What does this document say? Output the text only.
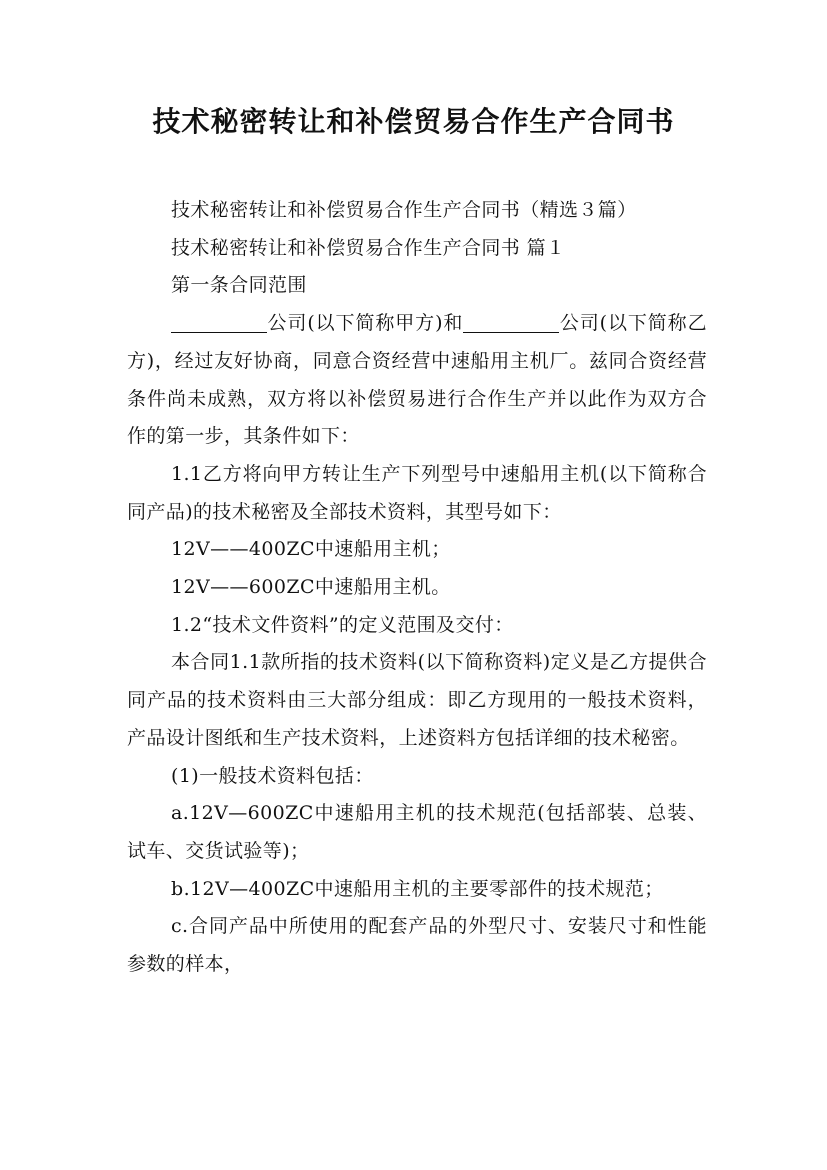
技术秘密转让和补偿贸易合作生产合同书

技术秘密转让和补偿贸易合作生产合同书（精选３篇）

技术秘密转让和补偿贸易合作生产合同书 篇１

第一条合同范围

公司(以下简称甲方)和	公司(以下简称乙方)，经过友好协商，同意合资经营中速船用主机厂。兹同合资经营条件尚未成熟，双方将以补偿贸易进行合作生产并以此作为双方合作的第一步，其条件如下：

1.1乙方将向甲方转让生产下列型号中速船用主机(以下简称合同产品)的技术秘密及全部技术资料，其型号如下：

12V——400ZC中速船用主机；

12V——600ZC中速船用主机。

1.2“技术文件资料”的定义范围及交付：

本合同1.1款所指的技术资料(以下简称资料)定义是乙方提供合同产品的技术资料由三大部分组成：即乙方现用的一般技术资料，产品设计图纸和生产技术资料，上述资料方包括详细的技术秘密。

(1)一般技术资料包括：

a.12V—600ZC中速船用主机的技术规范(包括部装、总装、试车、交货试验等)；

b.12V—400ZC中速船用主机的主要零部件的技术规范；

c.合同产品中所使用的配套产品的外型尺寸、安装尺寸和性能参数的样本，
